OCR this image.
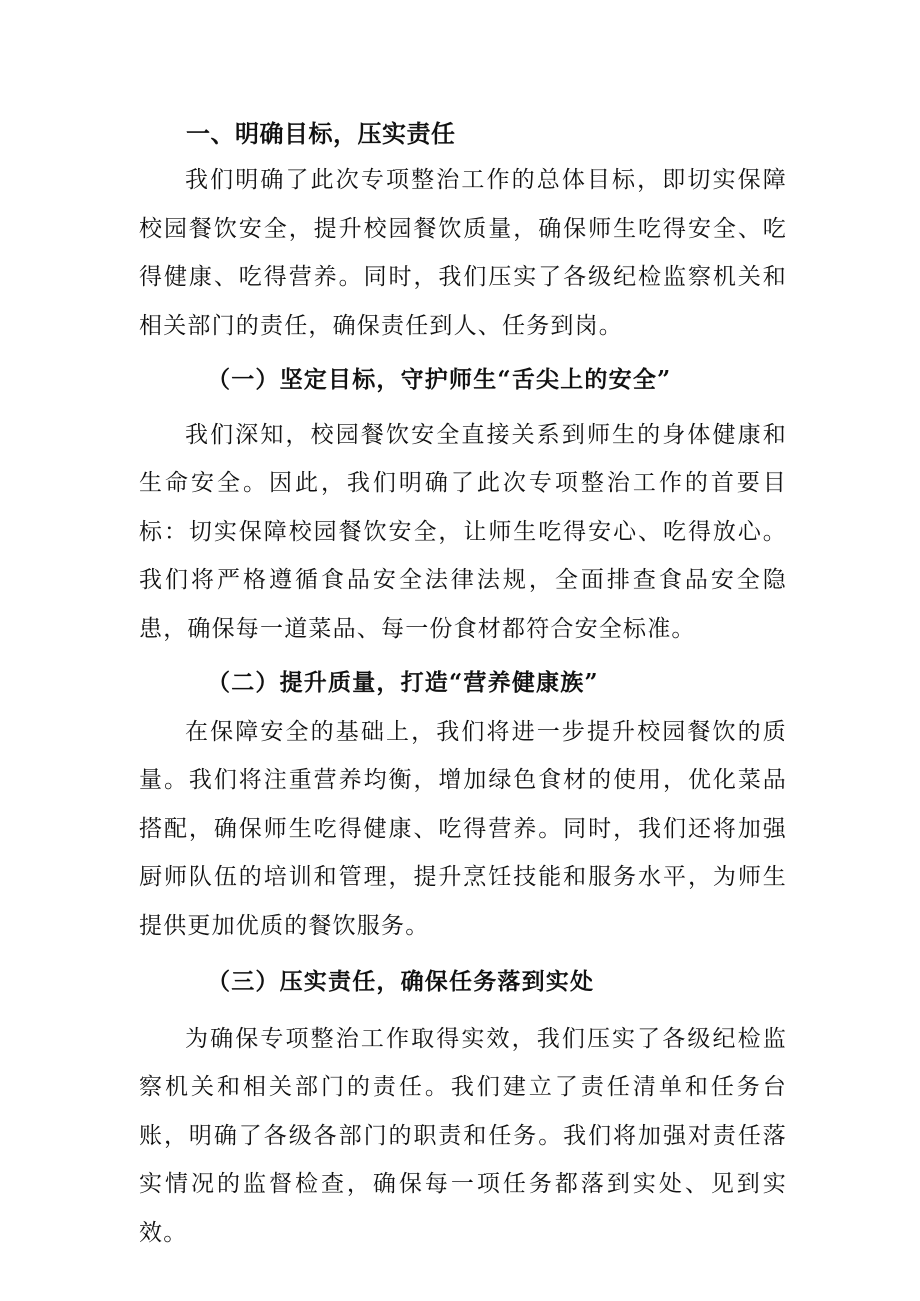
一、明确目标，压实责任

我们明确了此次专项整治工作的总体目标，即切实保障校园餐饮安全，提升校园餐饮质量，确保师生吃得安全、吃得健康、吃得营养。同时，我们压实了各级纪检监察机关和相关部门的责任，确保责任到人、任务到岗。

（一）坚定目标，守护师生“舌尖上的安全”

我们深知，校园餐饮安全直接关系到师生的身体健康和生命安全。因此，我们明确了此次专项整治工作的首要目标：切实保障校园餐饮安全，让师生吃得安心、吃得放心。我们将严格遵循食品安全法律法规，全面排查食品安全隐患，确保每一道菜品、每一份食材都符合安全标准。

（二）提升质量，打造“营养健康族”

在保障安全的基础上，我们将进一步提升校园餐饮的质量。我们将注重营养均衡，增加绿色食材的使用，优化菜品搭配，确保师生吃得健康、吃得营养。同时，我们还将加强厨师队伍的培训和管理，提升烹饪技能和服务水平，为师生提供更加优质的餐饮服务。

（三）压实责任，确保任务落到实处

为确保专项整治工作取得实效，我们压实了各级纪检监察机关和相关部门的责任。我们建立了责任清单和任务台账，明确了各级各部门的职责和任务。我们将加强对责任落实情况的监督检查，确保每一项任务都落到实处、见到实效。
